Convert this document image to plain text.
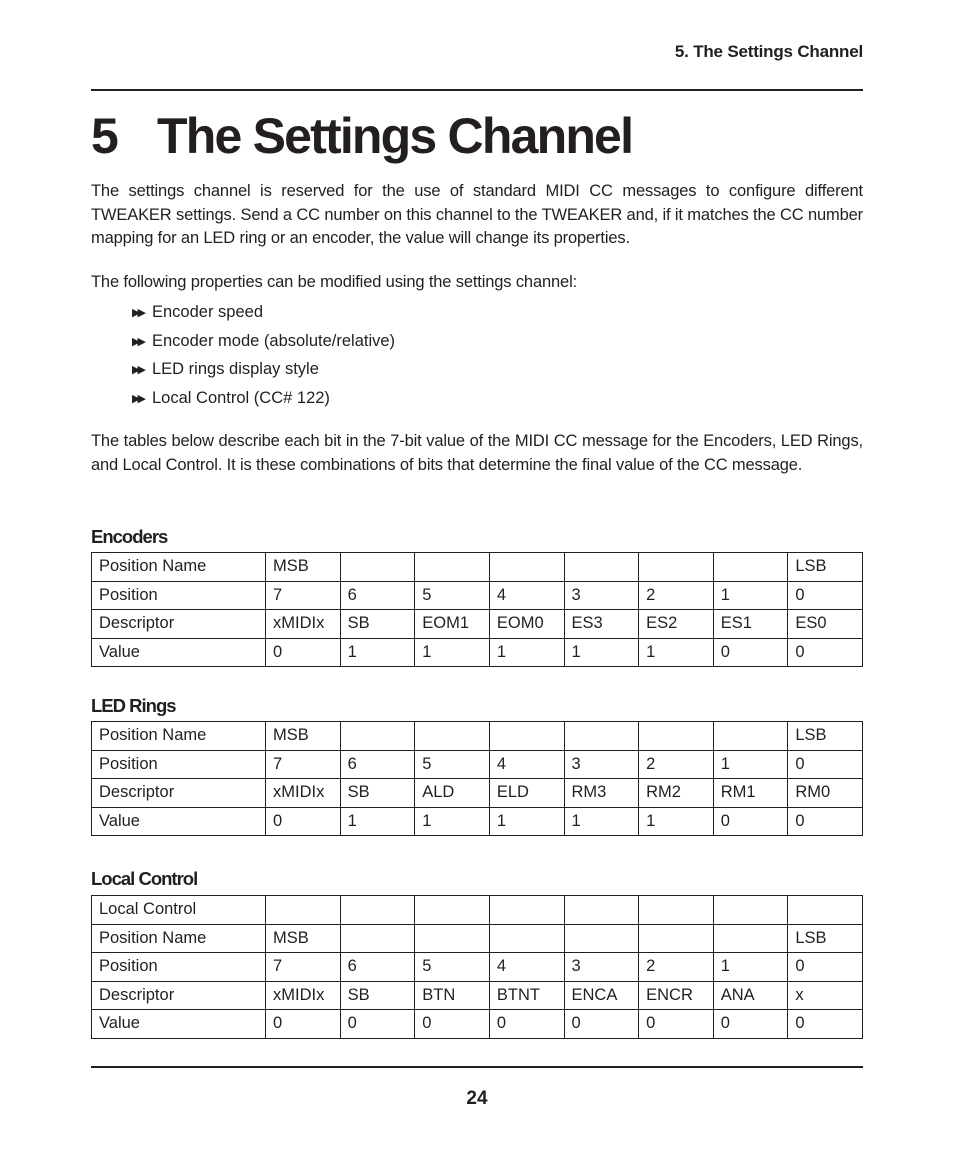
5. The Settings Channel
5 The Settings Channel

The settings channel is reserved for the use of standard MIDI CC messages to configure different TWEAKER settings. Send a CC number on this channel to the TWEAKER and, if it matches the CC number mapping for an LED ring or an encoder, the value will change its properties.

The following properties can be modified using the settings channel:

▶▶ Encoder speed
▶▶ Encoder mode (absolute/relative)
▶▶ LED rings display style
▶▶ Local Control (CC# 122)

The tables below describe each bit in the 7-bit value of the MIDI CC message for the Encoders, LED Rings, and Local Control. It is these combinations of bits that determine the final value of the CC message.

Encoders
Position Name	MSB							LSB
Position	7	6	5	4	3	2	1	0
Descriptor	xMIDIx	SB	EOM1	EOM0	ES3	ES2	ES1	ES0
Value	0	1	1	1	1	1	0	0
LED Rings
Position Name	MSB							LSB
Position	7	6	5	4	3	2	1	0
Descriptor	xMIDIx	SB	ALD	ELD	RM3	RM2	RM1	RM0
Value	0	1	1	1	1	1	0	0
Local Control
Local Control								
Position Name	MSB							LSB
Position	7	6	5	4	3	2	1	0
Descriptor	xMIDIx	SB	BTN	BTNT	ENCA	ENCR	ANA	x
Value	0	0	0	0	0	0	0	0
24
